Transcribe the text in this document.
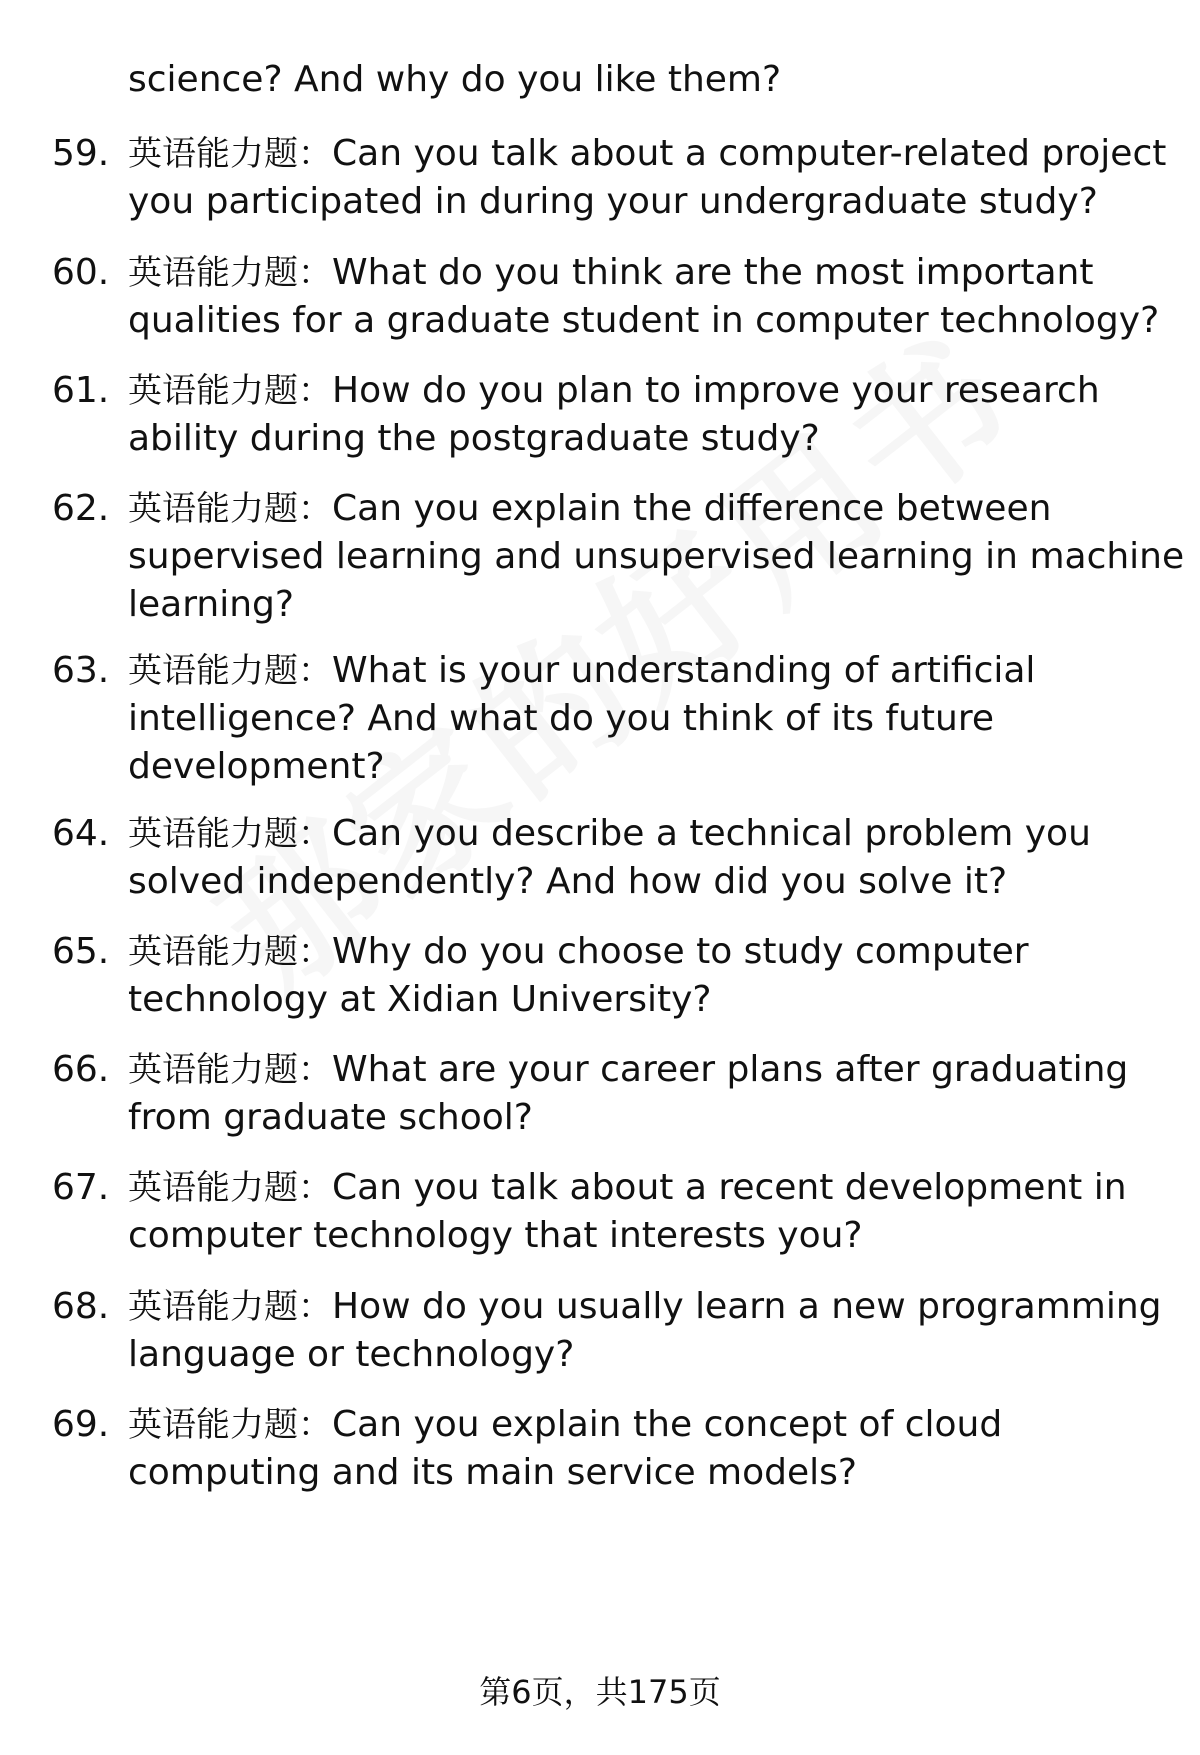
science? And why do you like them?
59. 英语能力题：Can you talk about a computer-related project
you participated in during your undergraduate study?
60. 英语能力题：What do you think are the most important
qualities for a graduate student in computer technology?
61. 英语能力题：How do you plan to improve your research
ability during the postgraduate study?
62. 英语能力题：Can you explain the difference between
supervised learning and unsupervised learning in machine
learning?
63. 英语能力题：What is your understanding of artificial
intelligence? And what do you think of its future
development?
64. 英语能力题：Can you describe a technical problem you
solved independently? And how did you solve it?
65. 英语能力题：Why do you choose to study computer
technology at Xidian University?
66. 英语能力题：What are your career plans after graduating
from graduate school?
67. 英语能力题：Can you talk about a recent development in
computer technology that interests you?
68. 英语能力题：How do you usually learn a new programming
language or technology?
69. 英语能力题：Can you explain the concept of cloud
computing and its main service models?
第6页，共175页
